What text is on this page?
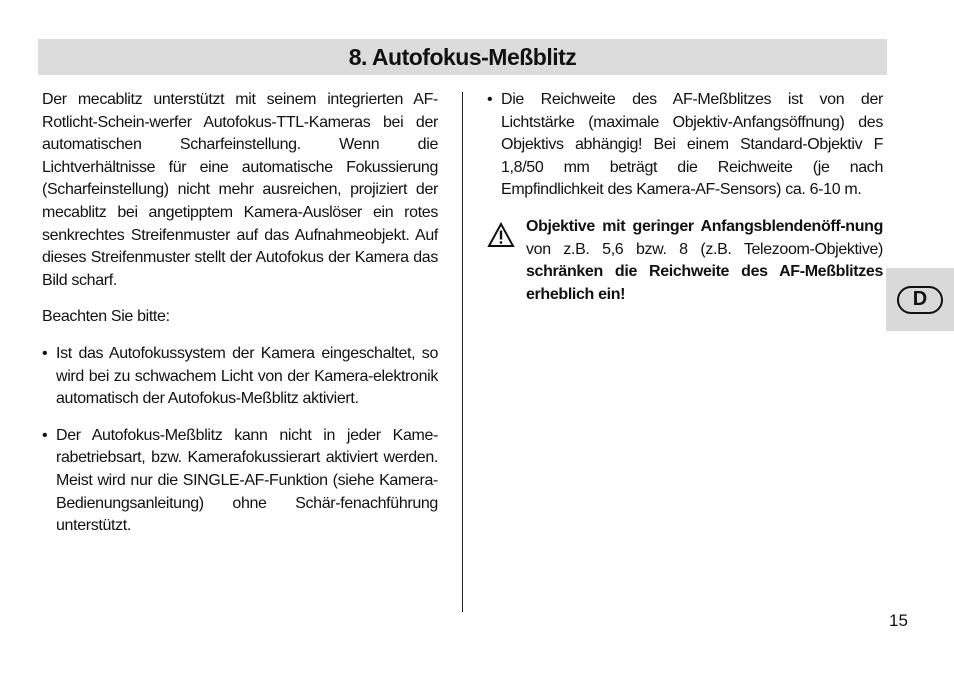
8. Autofokus-Meßblitz

Der mecablitz unterstützt mit seinem integrierten AF-Rotlicht-Schein-werfer Autofokus-TTL-Kameras bei der automatischen Scharfeinstellung. Wenn die Lichtverhältnisse für eine automatische Fokussierung (Scharfeinstellung) nicht mehr ausreichen, projiziert der mecablitz bei angetipptem Kamera-Auslöser ein rotes senkrechtes Streifenmuster auf das Aufnahmeobjekt. Auf dieses Streifenmuster stellt der Autofokus der Kamera das Bild scharf.

Beachten Sie bitte:

• Ist das Autofokussystem der Kamera eingeschaltet, so wird bei zu schwachem Licht von der Kamera-elektronik automatisch der Autofokus-Meßblitz aktiviert.
• Der Autofokus-Meßblitz kann nicht in jeder Kame-rabetriebsart, bzw. Kamerafokussierart aktiviert werden. Meist wird nur die SINGLE-AF-Funktion (siehe Kamera-Bedienungsanleitung) ohne Schär-fenachführung unterstützt.
• Die Reichweite des AF-Meßblitzes ist von der Lichtstärke (maximale Objektiv-Anfangsöffnung) des Objektivs abhängig! Bei einem Standard-Objektiv F 1,8/50 mm beträgt die Reichweite (je nach Empfindlichkeit des Kamera-AF-Sensors) ca. 6-10 m.
Objektive mit geringer Anfangsblendenöff-nung von z.B. 5,6 bzw. 8 (z.B. Telezoom-Objektive) schränken die Reichweite des AF-Meßblitzes erheblich ein!	D
15
